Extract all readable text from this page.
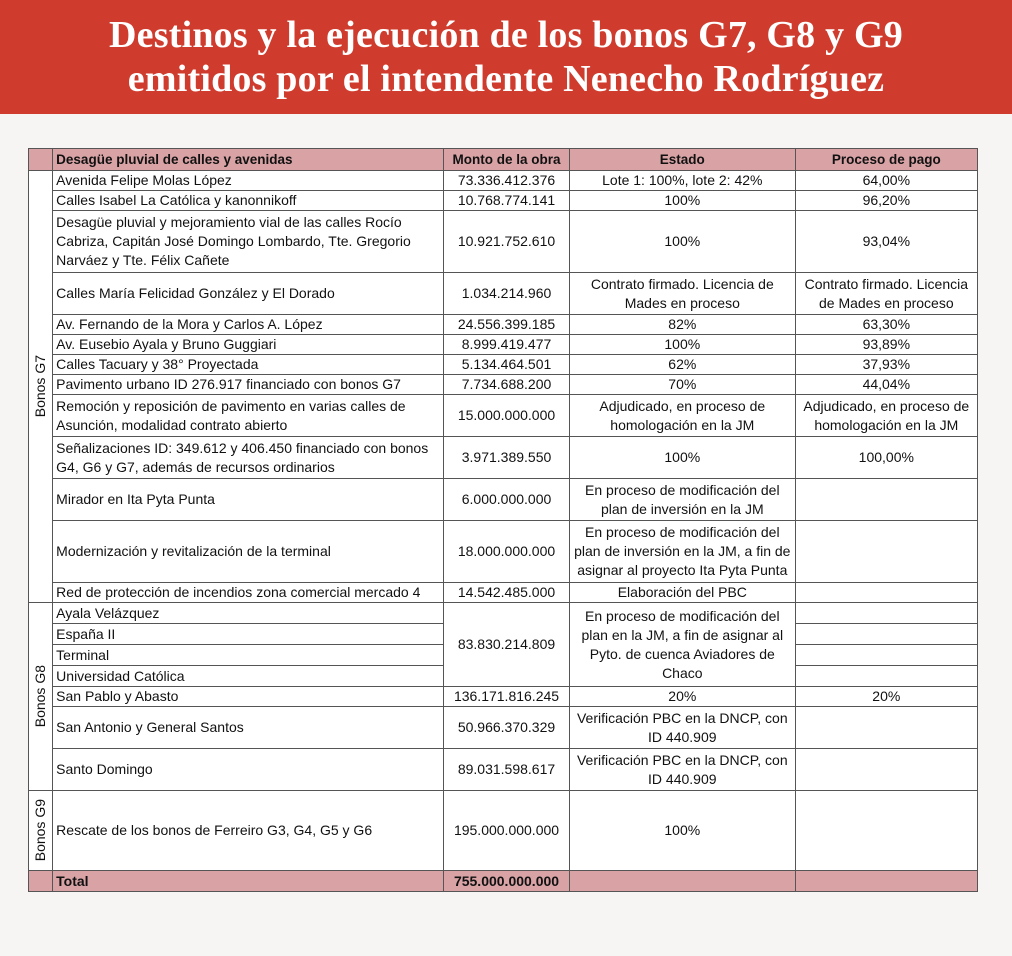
Destinos y la ejecución de los bonos G7, G8 y G9
emitidos por el intendente Nenecho Rodríguez
	Desagüe pluvial de calles y avenidas	Monto de la obra	Estado	Proceso de pago

Bonos G7	Avenida Felipe Molas López	73.336.412.376	Lote 1: 100%, lote 2: 42%	64,00%
	Calles Isabel La Católica y kanonnikoff	10.768.774.141	100%	96,20%
	Desagüe pluvial y mejoramiento vial de las calles Rocío Cabriza, Capitán José Domingo Lombardo, Tte. Gregorio Narváez y Tte. Félix Cañete	10.921.752.610	100%	93,04%
	Calles María Felicidad González y El Dorado	1.034.214.960	Contrato firmado. Licencia de Mades en proceso	Contrato firmado. Licencia de Mades en proceso
	Av. Fernando de la Mora y Carlos A. López	24.556.399.185	82%	63,30%
	Av. Eusebio Ayala y Bruno Guggiari	8.999.419.477	100%	93,89%
	Calles Tacuary y 38° Proyectada	5.134.464.501	62%	37,93%
	Pavimento urbano ID 276.917 financiado con bonos G7	7.734.688.200	70%	44,04%
	Remoción y reposición de pavimento en varias calles de Asunción, modalidad contrato abierto	15.000.000.000	Adjudicado, en proceso de homologación en la JM	Adjudicado, en proceso de homologación en la JM
	Señalizaciones ID: 349.612 y 406.450 financiado con bonos G4, G6 y G7, además de recursos ordinarios	3.971.389.550	100%	100,00%
	Mirador en Ita Pyta Punta	6.000.000.000	En proceso de modificación del plan de inversión en la JM	
	Modernización y revitalización de la terminal	18.000.000.000	En proceso de modificación del plan de inversión en la JM, a fin de asignar al proyecto Ita Pyta Punta	
	Red de protección de incendios zona comercial mercado 4	14.542.485.000	Elaboración del PBC	

Bonos G8	Ayala Velázquez	83.830.214.809	En proceso de modificación del plan en la JM, a fin de asignar al Pyto. de cuenca Aviadores de Chaco	
	España II			
	Terminal			
	Universidad Católica			
	San Pablo y Abasto	136.171.816.245	20%	20%
	San Antonio y General Santos	50.966.370.329	Verificación PBC en la DNCP, con ID 440.909	
	Santo Domingo	89.031.598.617	Verificación PBC en la DNCP, con ID 440.909	

Bonos G9	Rescate de los bonos de Ferreiro G3, G4, G5 y G6	195.000.000.000	100%	
	Total	755.000.000.000		
